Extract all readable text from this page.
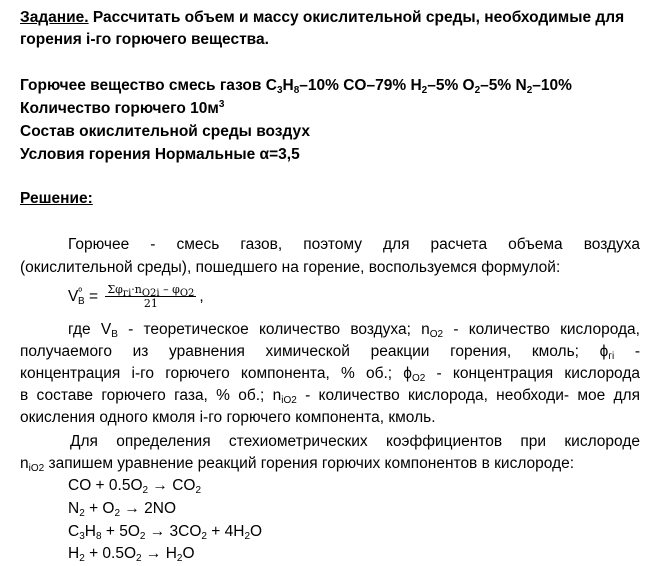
Задание. Рассчитать объем и массу окислительной среды, необходимые для
горения i-го горючего вещества.
Горючее вещество смесь газов $C_3H_8-10\%$ CO–79% $H_2-5\%$ $O_2-5\%$ $N_2-10\%$
Количество горючего $10м^3$
Состав окислительной среды воздух
Условия горения Нормальные α=3,5
Решение:
Горючее - смесь газов, поэтому для расчета объема воздуха
(окислительной среды), пошедшего на горение, воспользуемся формулой:
$V^º_В = \frac{\Sigma\varphi_{гi}\cdot n_{O2i} - \varphi_{O2}}{21}$ ,
где $V_В$ - теоретическое количество воздуха; $n_{O2}$ - количество кислорода,
получаемого из уравнения химической реакции горения, кмоль; $\phi_{гi}$ -
концентрация i-го горючего компонента, % об.; $\phi_{O2}$ - концентрация кислорода
в составе горючего газа, % об.; $n_{iO2}$ - количество кислорода, необходи- мое для
окисления одного кмоля i-го горючего компонента, кмоль.
Для определения стехиометрических коэффициентов при кислороде
$n_{iO2}$ запишем уравнение реакций горения горючих компонентов в кислороде:
CO + $0.5O_2 \to CO_2$
$N_2 + O_2 \to 2NO$
$C_3H_8 + 5O_2 \to 3CO_2 + 4H_2O$
$H_2 + 0.5O_2 \to H_2O$
